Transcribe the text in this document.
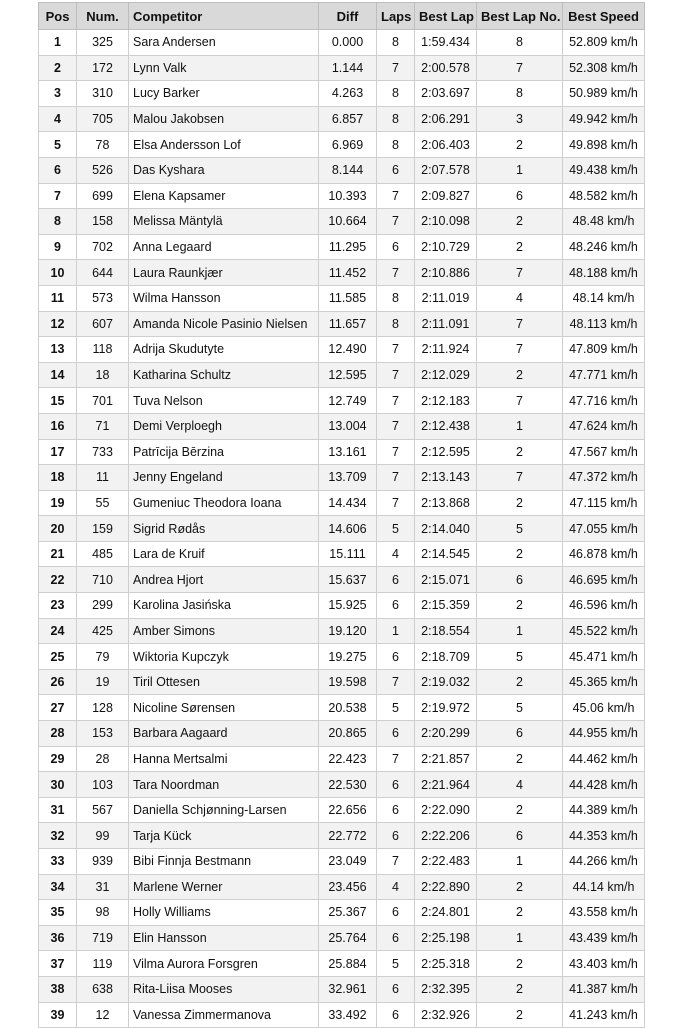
Pos	Num.	Competitor	Diff	Laps	Best Lap	Best Lap No.	Best Speed
1	325	Sara Andersen	0.000	8	1:59.434	8	52.809 km/h
2	172	Lynn Valk	1.144	7	2:00.578	7	52.308 km/h
3	310	Lucy Barker	4.263	8	2:03.697	8	50.989 km/h
4	705	Malou Jakobsen	6.857	8	2:06.291	3	49.942 km/h
5	78	Elsa Andersson Lof	6.969	8	2:06.403	2	49.898 km/h
6	526	Das Kyshara	8.144	6	2:07.578	1	49.438 km/h
7	699	Elena Kapsamer	10.393	7	2:09.827	6	48.582 km/h
8	158	Melissa Mäntylä	10.664	7	2:10.098	2	48.48 km/h
9	702	Anna Legaard	11.295	6	2:10.729	2	48.246 km/h
10	644	Laura Raunkjær	11.452	7	2:10.886	7	48.188 km/h
11	573	Wilma Hansson	11.585	8	2:11.019	4	48.14 km/h
12	607	Amanda Nicole Pasinio Nielsen	11.657	8	2:11.091	7	48.113 km/h
13	118	Adrija Skudutyte	12.490	7	2:11.924	7	47.809 km/h
14	18	Katharina Schultz	12.595	7	2:12.029	2	47.771 km/h
15	701	Tuva Nelson	12.749	7	2:12.183	7	47.716 km/h
16	71	Demi Verploegh	13.004	7	2:12.438	1	47.624 km/h
17	733	Patrīcija Bērzina	13.161	7	2:12.595	2	47.567 km/h
18	11	Jenny Engeland	13.709	7	2:13.143	7	47.372 km/h
19	55	Gumeniuc Theodora Ioana	14.434	7	2:13.868	2	47.115 km/h
20	159	Sigrid Rødås	14.606	5	2:14.040	5	47.055 km/h
21	485	Lara de Kruif	15.111	4	2:14.545	2	46.878 km/h
22	710	Andrea Hjort	15.637	6	2:15.071	6	46.695 km/h
23	299	Karolina Jasińska	15.925	6	2:15.359	2	46.596 km/h
24	425	Amber Simons	19.120	1	2:18.554	1	45.522 km/h
25	79	Wiktoria Kupczyk	19.275	6	2:18.709	5	45.471 km/h
26	19	Tiril Ottesen	19.598	7	2:19.032	2	45.365 km/h
27	128	Nicoline Sørensen	20.538	5	2:19.972	5	45.06 km/h
28	153	Barbara Aagaard	20.865	6	2:20.299	6	44.955 km/h
29	28	Hanna Mertsalmi	22.423	7	2:21.857	2	44.462 km/h
30	103	Tara Noordman	22.530	6	2:21.964	4	44.428 km/h
31	567	Daniella Schjønning-Larsen	22.656	6	2:22.090	2	44.389 km/h
32	99	Tarja Kück	22.772	6	2:22.206	6	44.353 km/h
33	939	Bibi Finnja Bestmann	23.049	7	2:22.483	1	44.266 km/h
34	31	Marlene Werner	23.456	4	2:22.890	2	44.14 km/h
35	98	Holly Williams	25.367	6	2:24.801	2	43.558 km/h
36	719	Elin Hansson	25.764	6	2:25.198	1	43.439 km/h
37	119	Vilma Aurora Forsgren	25.884	5	2:25.318	2	43.403 km/h
38	638	Rita-Liisa Mooses	32.961	6	2:32.395	2	41.387 km/h
39	12	Vanessa Zimmermanova	33.492	6	2:32.926	2	41.243 km/h
